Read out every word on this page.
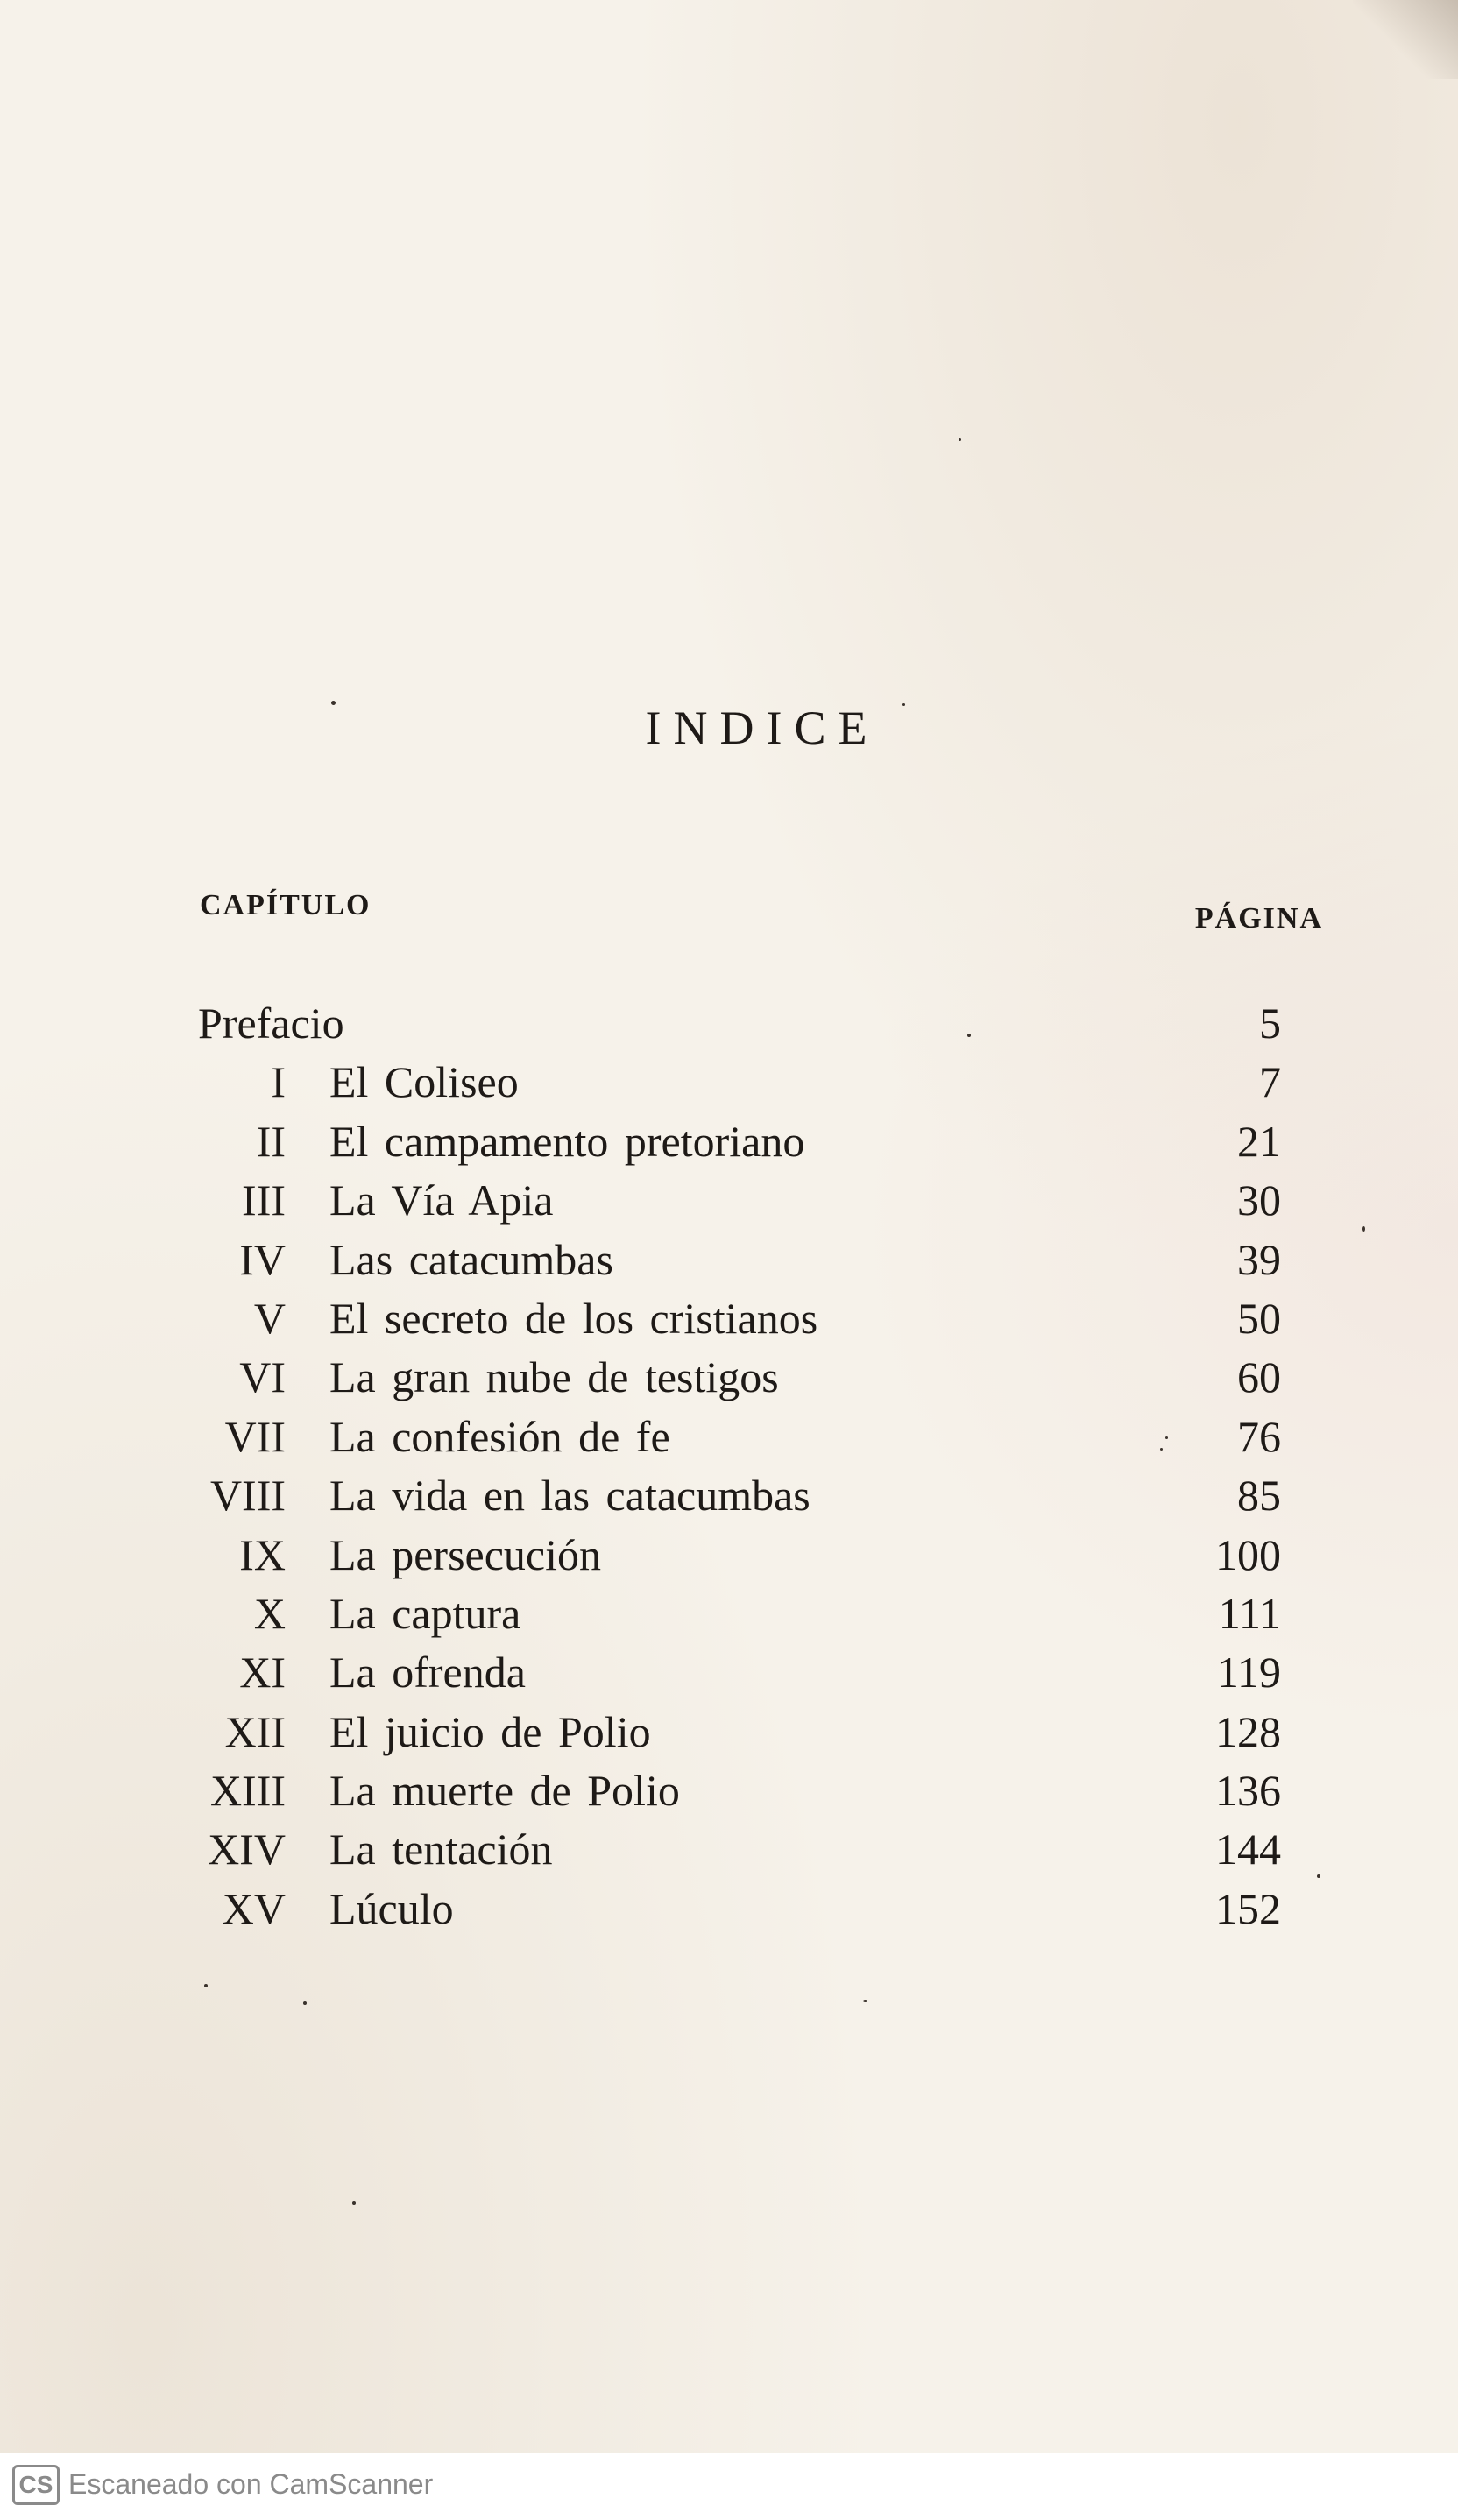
INDICE
CAPÍTULO	PÁGINA
Prefacio	5
I El Coliseo	7
II El campamento pretoriano	21
III La Vía Apia	30
IV Las catacumbas	39
V El secreto de los cristianos	50
VI La gran nube de testigos	60
VII La confesión de fe	76
VIII La vida en las catacumbas	85
IX La persecución	100
X La captura	111
XI La ofrenda	119
XII El juicio de Polio	128
XIII La muerte de Polio	136
XIV La tentación	144
XV Lúculo	152
CS Escaneado con CamScanner
